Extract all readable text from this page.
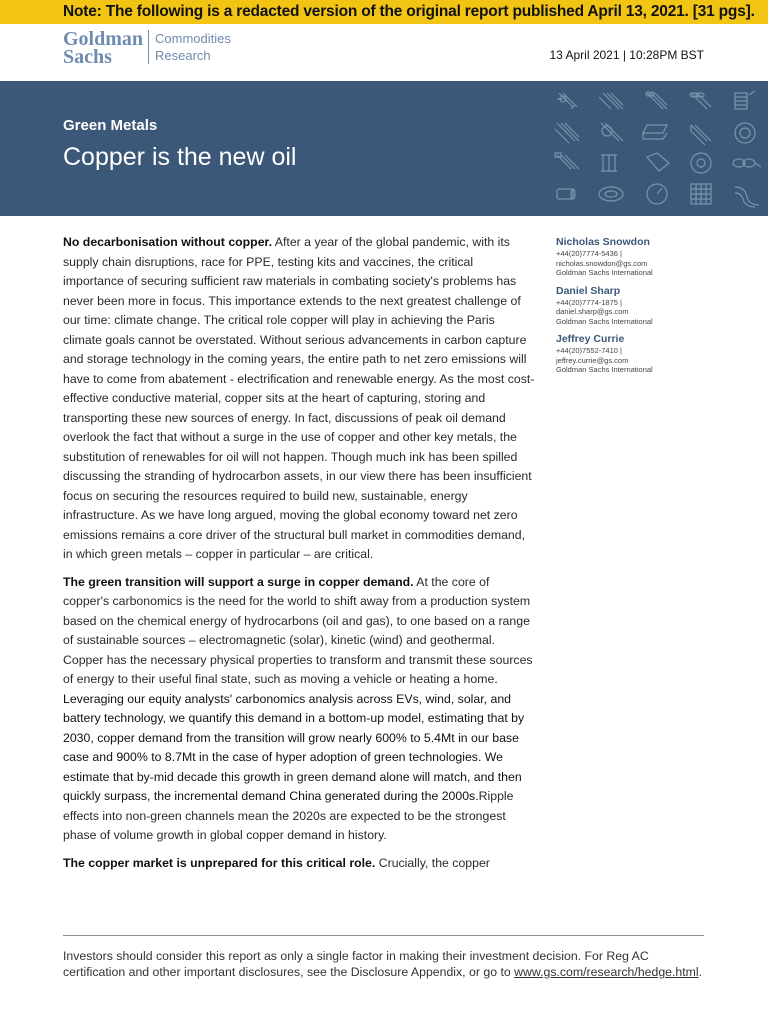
Note: The following is a redacted version of the original report published April 13, 2021. [31 pgs].
Goldman
Sachs
Commodities
Research	13 April 2021 | 10:28PM BST
Green Metals
Copper is the new oil

No decarbonisation without copper. After a year of the global pandemic, with its supply chain disruptions, race for PPE, testing kits and vaccines, the critical importance of securing sufficient raw materials in combating society's problems has never been more in focus. This importance extends to the next greatest challenge of our time: climate change. The critical role copper will play in achieving the Paris climate goals cannot be overstated. Without serious advancements in carbon capture and storage technology in the coming years, the entire path to net zero emissions will have to come from abatement - electrification and renewable energy. As the most cost-effective conductive material, copper sits at the heart of capturing, storing and transporting these new sources of energy. In fact, discussions of peak oil demand overlook the fact that without a surge in the use of copper and other key metals, the substitution of renewables for oil will not happen. Though much ink has been spilled discussing the stranding of hydrocarbon assets, in our view there has been insufficient focus on securing the resources required to build new, sustainable, energy infrastructure. As we have long argued, moving the global economy toward net zero emissions remains a core driver of the structural bull market in commodities demand, in which green metals – copper in particular – are critical.

The green transition will support a surge in copper demand. At the core of copper's carbonomics is the need for the world to shift away from a production system based on the chemical energy of hydrocarbons (oil and gas), to one based on a range of sustainable sources – electromagnetic (solar), kinetic (wind) and geothermal. Copper has the necessary physical properties to transform and transmit these sources of energy to their useful final state, such as moving a vehicle or heating a home. Leveraging our equity analysts' carbonomics analysis across EVs, wind, solar, and battery technology, we quantify this demand in a bottom-up model, estimating that by 2030, copper demand from the transition will grow nearly 600% to 5.4Mt in our base case and 900% to 8.7Mt in the case of hyper adoption of green technologies. We estimate that by-mid decade this growth in green demand alone will match, and then quickly surpass, the incremental demand China generated during the 2000s.Ripple effects into non-green channels mean the 2020s are expected to be the strongest phase of volume growth in global copper demand in history.

The copper market is unprepared for this critical role. Crucially, the copper

Nicholas Snowdon
+44(20)7774-5436 |
nicholas.snowdon@gs.com
Goldman Sachs International
Daniel Sharp
+44(20)7774-1875 |
daniel.sharp@gs.com
Goldman Sachs International
Jeffrey Currie
+44(20)7552-7410 |
jeffrey.currie@gs.com
Goldman Sachs International
Investors should consider this report as only a single factor in making their investment decision. For Reg AC certification and other important disclosures, see the Disclosure Appendix, or go to www.gs.com/research/hedge.html.
